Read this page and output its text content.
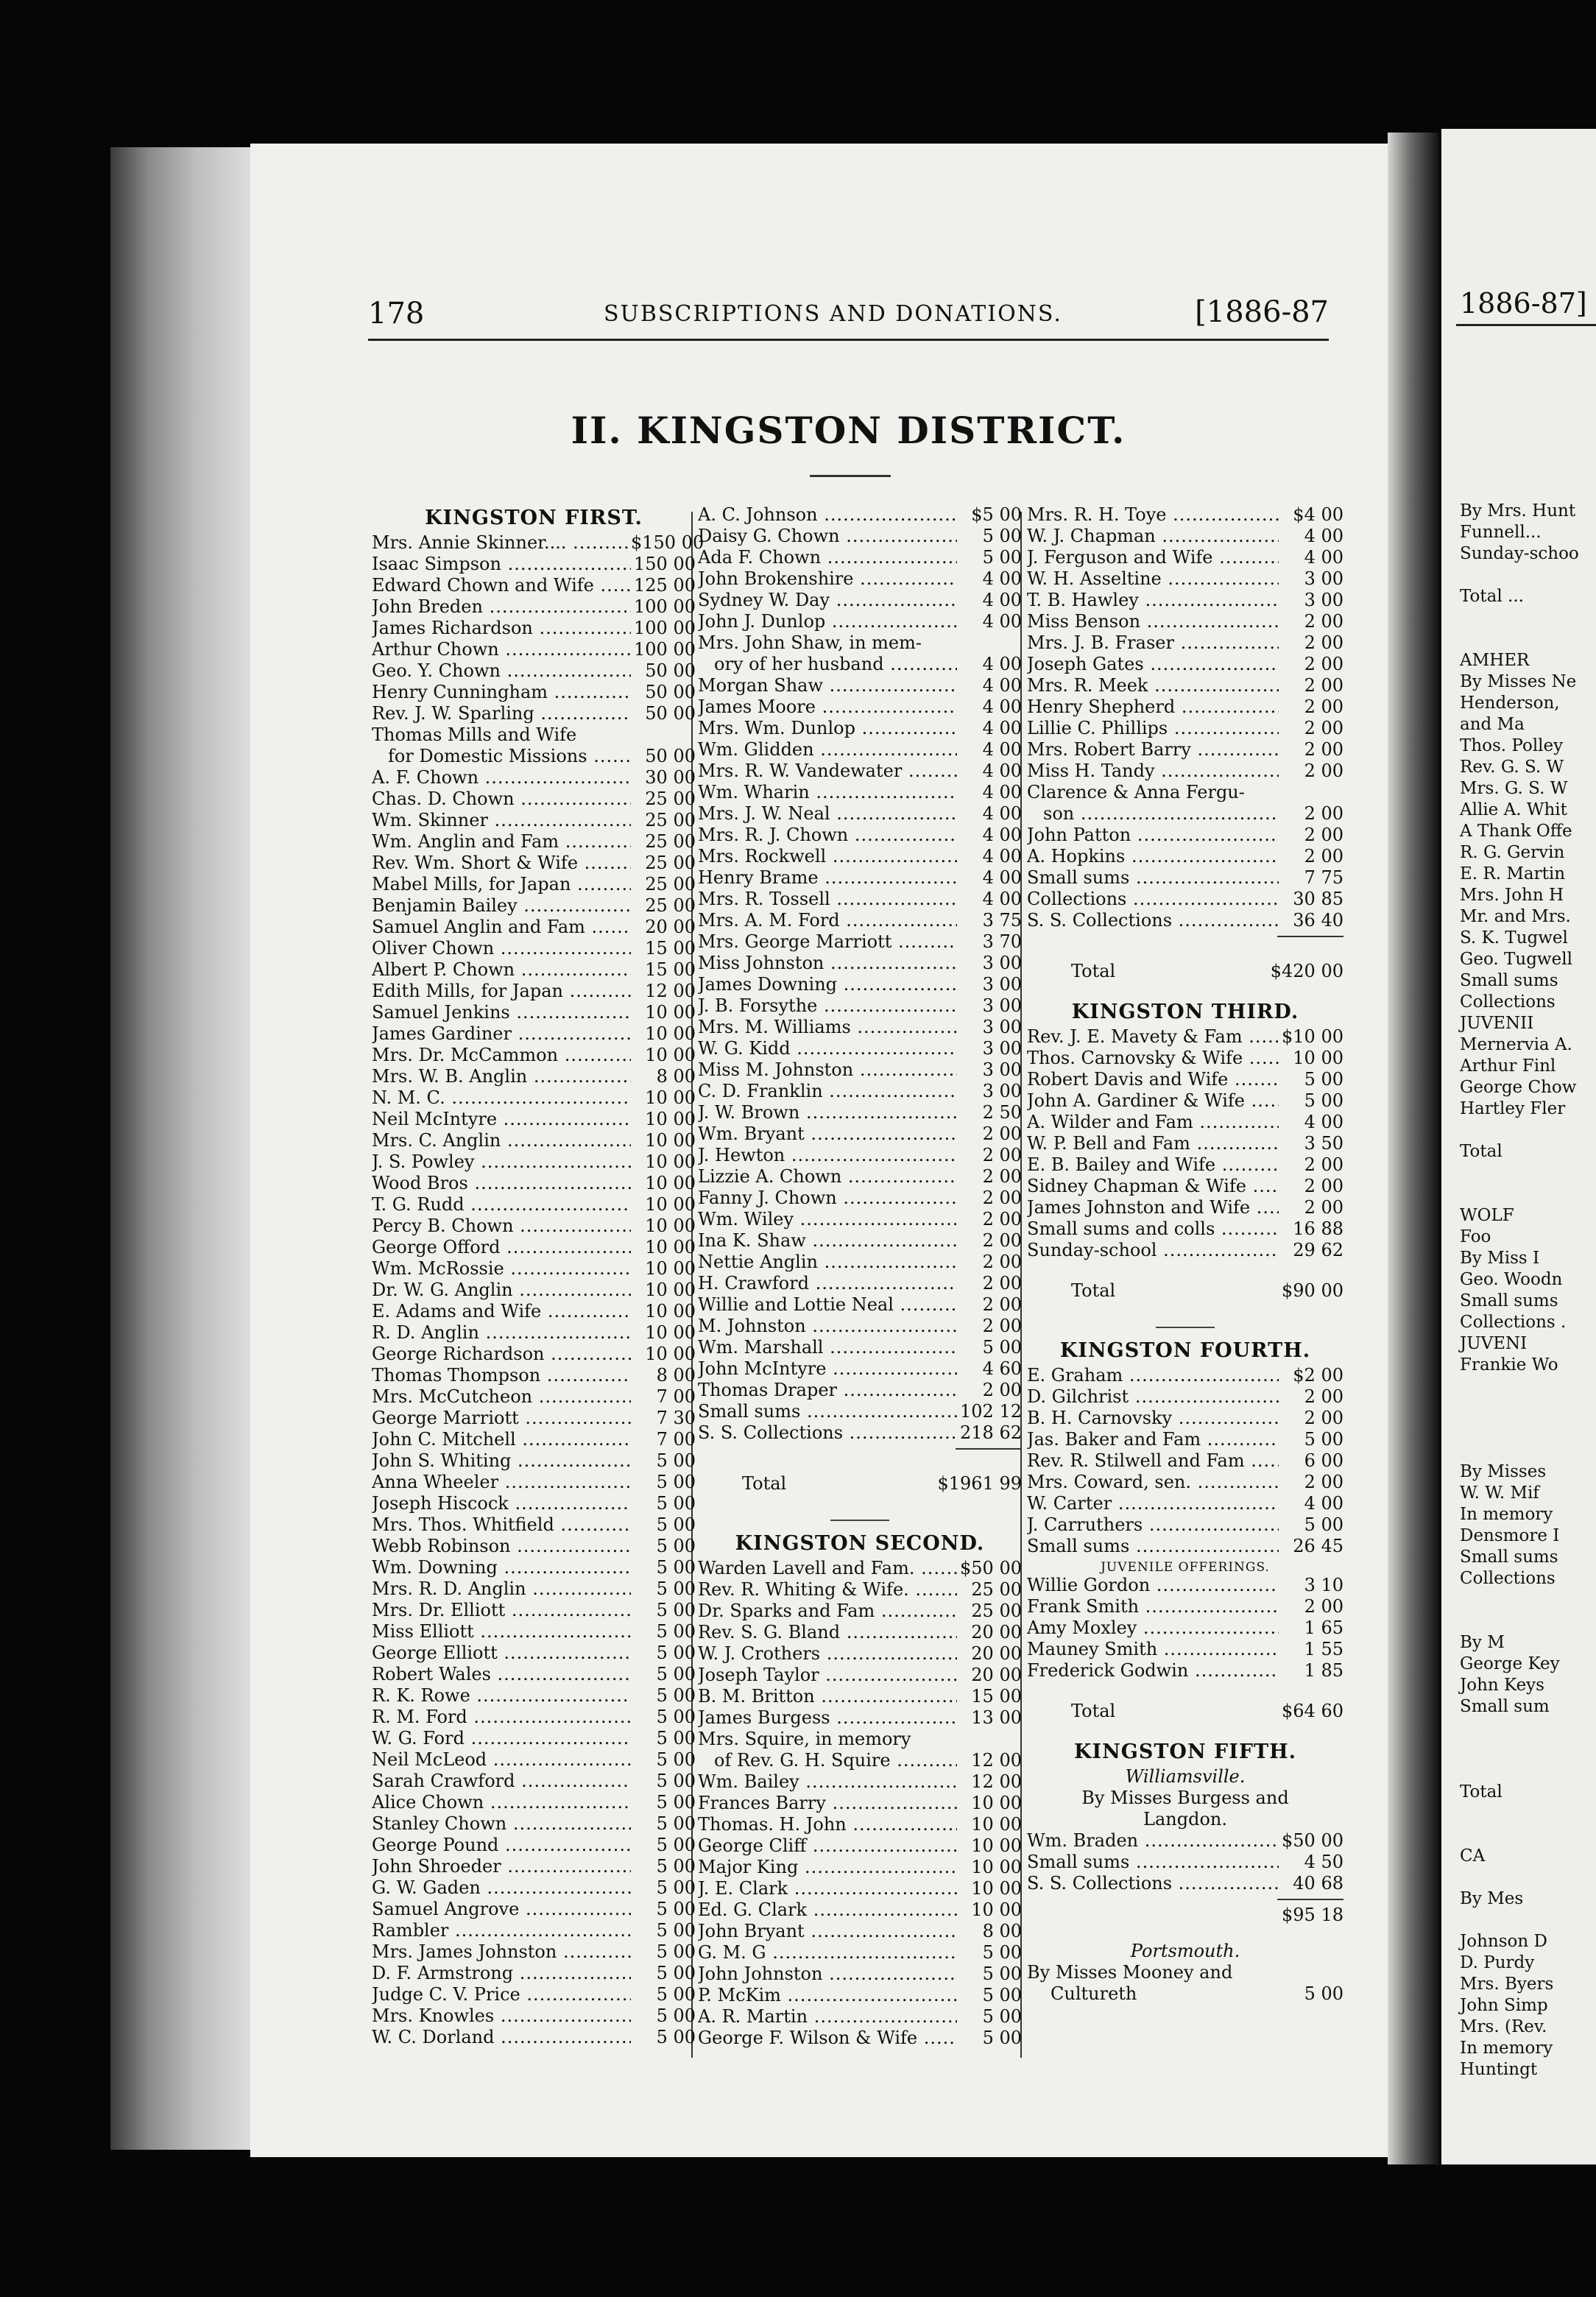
178	SUBSCRIPTIONS AND DONATIONS.	[1886-87
II. KINGSTON DISTRICT.
KINGSTON FIRST.
Mrs. Annie Skinner.... .....	$150 00
Isaac Simpson .....	150 00
Edward Chown and Wife .....	125 00
John Breden .....	100 00
James Richardson .....	100 00
Arthur Chown .....	100 00
Geo. Y. Chown .....	50 00
Henry Cunningham .....	50 00
Rev. J. W. Sparling .....	50 00
Thomas Mills and Wife
for Domestic Missions .....	50 00
A. F. Chown .....	30 00
Chas. D. Chown .....	25 00
Wm. Skinner .....	25 00
Wm. Anglin and Fam .....	25 00
Rev. Wm. Short & Wife .....	25 00
Mabel Mills, for Japan .....	25 00
Benjamin Bailey .....	25 00
Samuel Anglin and Fam .....	20 00
Oliver Chown .....	15 00
Albert P. Chown .....	15 00
Edith Mills, for Japan .....	12 00
Samuel Jenkins .....	10 00
James Gardiner .....	10 00
Mrs. Dr. McCammon .....	10 00
Mrs. W. B. Anglin .....	8 00
N. M. C. .....	10 00
Neil McIntyre .....	10 00
Mrs. C. Anglin .....	10 00
J. S. Powley .....	10 00
Wood Bros .....	10 00
T. G. Rudd .....	10 00
Percy B. Chown .....	10 00
George Offord .....	10 00
Wm. McRossie .....	10 00
Dr. W. G. Anglin .....	10 00
E. Adams and Wife .....	10 00
R. D. Anglin .....	10 00
George Richardson .....	10 00
Thomas Thompson .....	8 00
Mrs. McCutcheon .....	7 00
George Marriott .....	7 30
John C. Mitchell .....	7 00
John S. Whiting .....	5 00
Anna Wheeler .....	5 00
Joseph Hiscock .....	5 00
Mrs. Thos. Whitfield .....	5 00
Webb Robinson .....	5 00
Wm. Downing .....	5 00
Mrs. R. D. Anglin .....	5 00
Mrs. Dr. Elliott .....	5 00
Miss Elliott .....	5 00
George Elliott .....	5 00
Robert Wales .....	5 00
R. K. Rowe .....	5 00
R. M. Ford .....	5 00
W. G. Ford .....	5 00
Neil McLeod .....	5 00
Sarah Crawford .....	5 00
Alice Chown .....	5 00
Stanley Chown .....	5 00
George Pound .....	5 00
John Shroeder .....	5 00
G. W. Gaden .....	5 00
Samuel Angrove .....	5 00
Rambler .....	5 00
Mrs. James Johnston .....	5 00
D. F. Armstrong .....	5 00
Judge C. V. Price .....	5 00
Mrs. Knowles .....	5 00
W. C. Dorland .....	5 00
A. C. Johnson .....	$5 00
Daisy G. Chown .....	5 00
Ada F. Chown .....	5 00
John Brokenshire .....	4 00
Sydney W. Day .....	4 00
John J. Dunlop .....	4 00
Mrs. John Shaw, in mem-
ory of her husband .....	4 00
Morgan Shaw .....	4 00
James Moore .....	4 00
Mrs. Wm. Dunlop .....	4 00
Wm. Glidden .....	4 00
Mrs. R. W. Vandewater .....	4 00
Wm. Wharin .....	4 00
Mrs. J. W. Neal .....	4 00
Mrs. R. J. Chown .....	4 00
Mrs. Rockwell .....	4 00
Henry Brame .....	4 00
Mrs. R. Tossell .....	4 00
Mrs. A. M. Ford .....	3 75
Mrs. George Marriott .....	3 70
Miss Johnston .....	3 00
James Downing .....	3 00
J. B. Forsythe .....	3 00
Mrs. M. Williams .....	3 00
W. G. Kidd .....	3 00
Miss M. Johnston .....	3 00
C. D. Franklin .....	3 00
J. W. Brown .....	2 50
Wm. Bryant .....	2 00
J. Hewton .....	2 00
Lizzie A. Chown .....	2 00
Fanny J. Chown .....	2 00
Wm. Wiley .....	2 00
Ina K. Shaw .....	2 00
Nettie Anglin .....	2 00
H. Crawford .....	2 00
Willie and Lottie Neal .....	2 00
M. Johnston .....	2 00
Wm. Marshall .....	5 00
John McIntyre .....	4 60
Thomas Draper .....	2 00
Small sums .....	102 12
S. S. Collections .....	218 62
Total	$1961 99
KINGSTON SECOND.
Warden Lavell and Fam. .....	$50 00
Rev. R. Whiting & Wife. .....	25 00
Dr. Sparks and Fam .....	25 00
Rev. S. G. Bland .....	20 00
W. J. Crothers .....	20 00
Joseph Taylor .....	20 00
B. M. Britton .....	15 00
James Burgess .....	13 00
Mrs. Squire, in memory
of Rev. G. H. Squire .....	12 00
Wm. Bailey .....	12 00
Frances Barry .....	10 00
Thomas. H. John .....	10 00
George Cliff .....	10 00
Major King .....	10 00
J. E. Clark .....	10 00
Ed. G. Clark .....	10 00
John Bryant .....	8 00
G. M. G .....	5 00
John Johnston .....	5 00
P. McKim .....	5 00
A. R. Martin .....	5 00
George F. Wilson & Wife .....	5 00
Mrs. R. H. Toye .....	$4 00
W. J. Chapman .....	4 00
J. Ferguson and Wife .....	4 00
W. H. Asseltine .....	3 00
T. B. Hawley .....	3 00
Miss Benson .....	2 00
Mrs. J. B. Fraser .....	2 00
Joseph Gates .....	2 00
Mrs. R. Meek .....	2 00
Henry Shepherd .....	2 00
Lillie C. Phillips .....	2 00
Mrs. Robert Barry .....	2 00
Miss H. Tandy .....	2 00
Clarence & Anna Fergu-
son .....	2 00
John Patton .....	2 00
A. Hopkins .....	2 00
Small sums .....	7 75
Collections .....	30 85
S. S. Collections .....	36 40
Total	$420 00
KINGSTON THIRD.
Rev. J. E. Mavety & Fam .....	$10 00
Thos. Carnovsky & Wife .....	10 00
Robert Davis and Wife .....	5 00
John A. Gardiner & Wife .....	5 00
A. Wilder and Fam .....	4 00
W. P. Bell and Fam .....	3 50
E. B. Bailey and Wife .....	2 00
Sidney Chapman & Wife .....	2 00
James Johnston and Wife .....	2 00
Small sums and colls .....	16 88
Sunday-school .....	29 62
Total	$90 00
KINGSTON FOURTH.
E. Graham .....	$2 00
D. Gilchrist .....	2 00
B. H. Carnovsky .....	2 00
Jas. Baker and Fam .....	5 00
Rev. R. Stilwell and Fam .....	6 00
Mrs. Coward, sen. .....	2 00
W. Carter .....	4 00
J. Carruthers .....	5 00
Small sums .....	26 45
JUVENILE OFFERINGS.
Willie Gordon .....	3 10
Frank Smith .....	2 00
Amy Moxley .....	1 65
Mauney Smith .....	1 55
Frederick Godwin .....	1 85
Total	$64 60
KINGSTON FIFTH.
Williamsville.
By Misses Burgess and
Langdon.
Wm. Braden .....	$50 00
Small sums .....	4 50
S. S. Collections .....	40 68
$95 18
Portsmouth.
By Misses Mooney and
Cultureth	5 00
1886-87]
By Mrs. Hunt
Funnell...
Sunday-schoo
Total ...
AMHER
By Misses Ne
Henderson,
and Ma
Thos. Polley
Rev. G. S. W
Mrs. G. S. W
Allie A. Whit
A Thank Offe
R. G. Gervin
E. R. Martin
Mrs. John H
Mr. and Mrs.
S. K. Tugwel
Geo. Tugwell
Small sums
Collections
JUVENII
Mernervia A.
Arthur Finl
George Chow
Hartley Fler
Total
WOLF
Foo
By Miss I
Geo. Woodn
Small sums
Collections .
JUVENI
Frankie Wo
By Misses
W. W. Mif
In memory
Densmore I
Small sums
Collections
By M
George Key
John Keys
Small sum
Total
CA
By Mes
Johnson D
D. Purdy
Mrs. Byers
John Simp
Mrs. (Rev.
In memory
Huntingt
